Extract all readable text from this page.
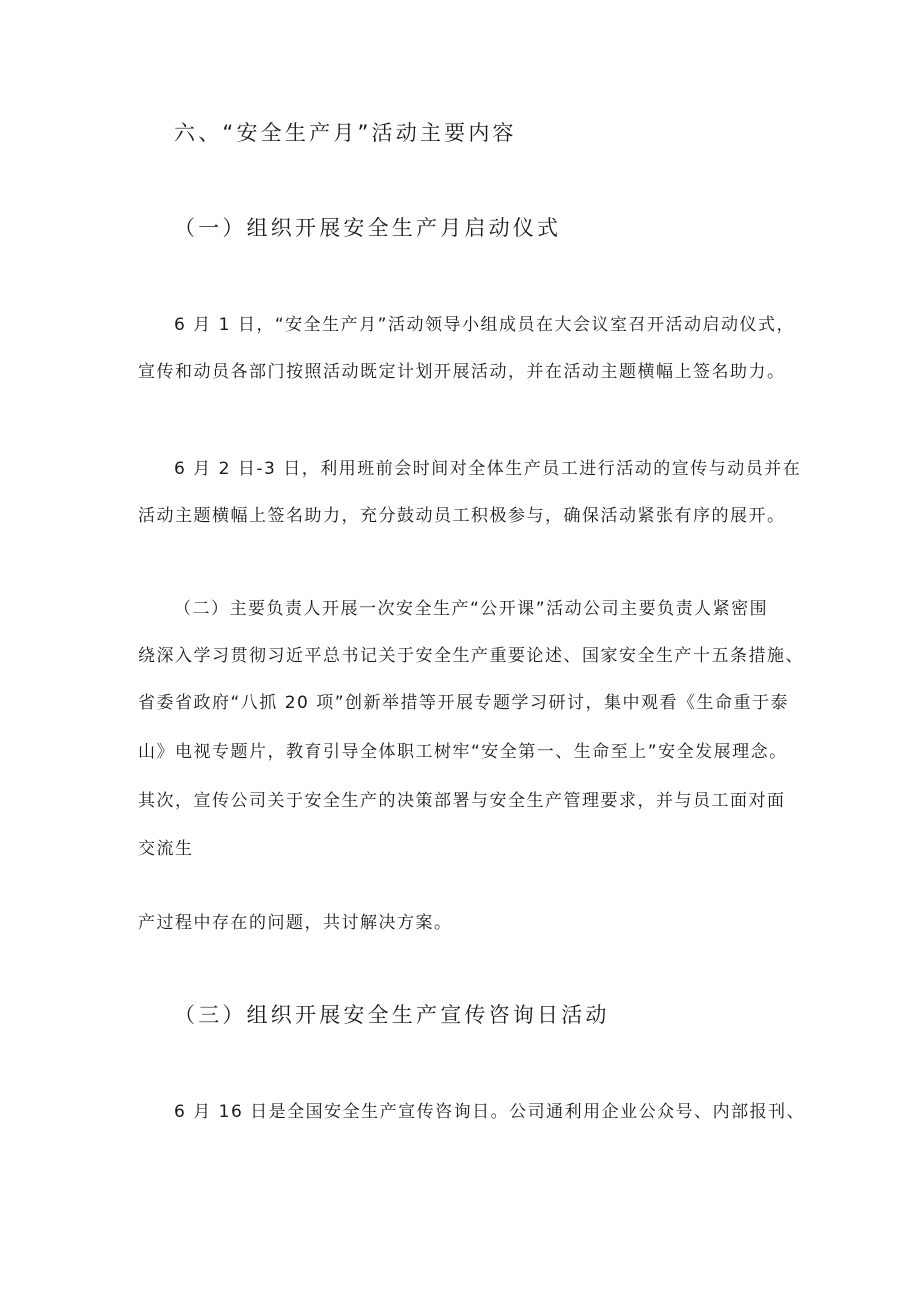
六、“安全生产月”活动主要内容
（一）组织开展安全生产月启动仪式
6 月 1 日，“安全生产月”活动领导小组成员在大会议室召开活动启动仪式，
宣传和动员各部门按照活动既定计划开展活动，并在活动主题横幅上签名助力。
6 月 2 日-3 日，利用班前会时间对全体生产员工进行活动的宣传与动员并在
活动主题横幅上签名助力，充分鼓动员工积极参与，确保活动紧张有序的展开。
（二）主要负责人开展一次安全生产“公开课”活动公司主要负责人紧密围
绕深入学习贯彻习近平总书记关于安全生产重要论述、国家安全生产十五条措施、
省委省政府“八抓 20 项”创新举措等开展专题学习研讨，集中观看《生命重于泰
山》电视专题片，教育引导全体职工树牢“安全第一、生命至上”安全发展理念。
其次，宣传公司关于安全生产的决策部署与安全生产管理要求，并与员工面对面
交流生
产过程中存在的问题，共讨解决方案。
（三）组织开展安全生产宣传咨询日活动
6 月 16 日是全国安全生产宣传咨询日。公司通利用企业公众号、内部报刊、
